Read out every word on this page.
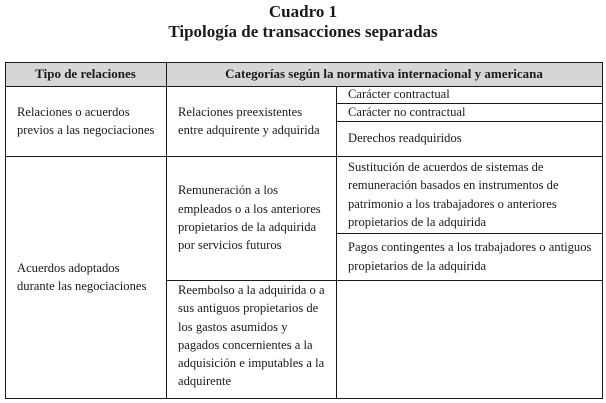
Cuadro 1
Tipología de transacciones separadas
Tipo de relaciones	Categorías según la normativa internacional y americana
Relaciones o acuerdos previos a las negociaciones
Relaciones preexistentes entre adquirente y adquirida
Carácter contractual
Carácter no contractual
Derechos readquiridos
Acuerdos adoptados durante las negociaciones
Remuneración a los empleados o a los anteriores propietarios de la adquirida por servicios futuros
Reembolso a la adquirida o a sus antiguos propietarios de los gastos asumidos y pagados concernientes a la adquisición e imputables a la adquirente
Sustitución de acuerdos de sistemas de remuneración basados en instrumentos de patrimonio a los trabajadores o anteriores propietarios de la adquirida
Pagos contingentes a los trabajadores o antiguos propietarios de la adquirida
